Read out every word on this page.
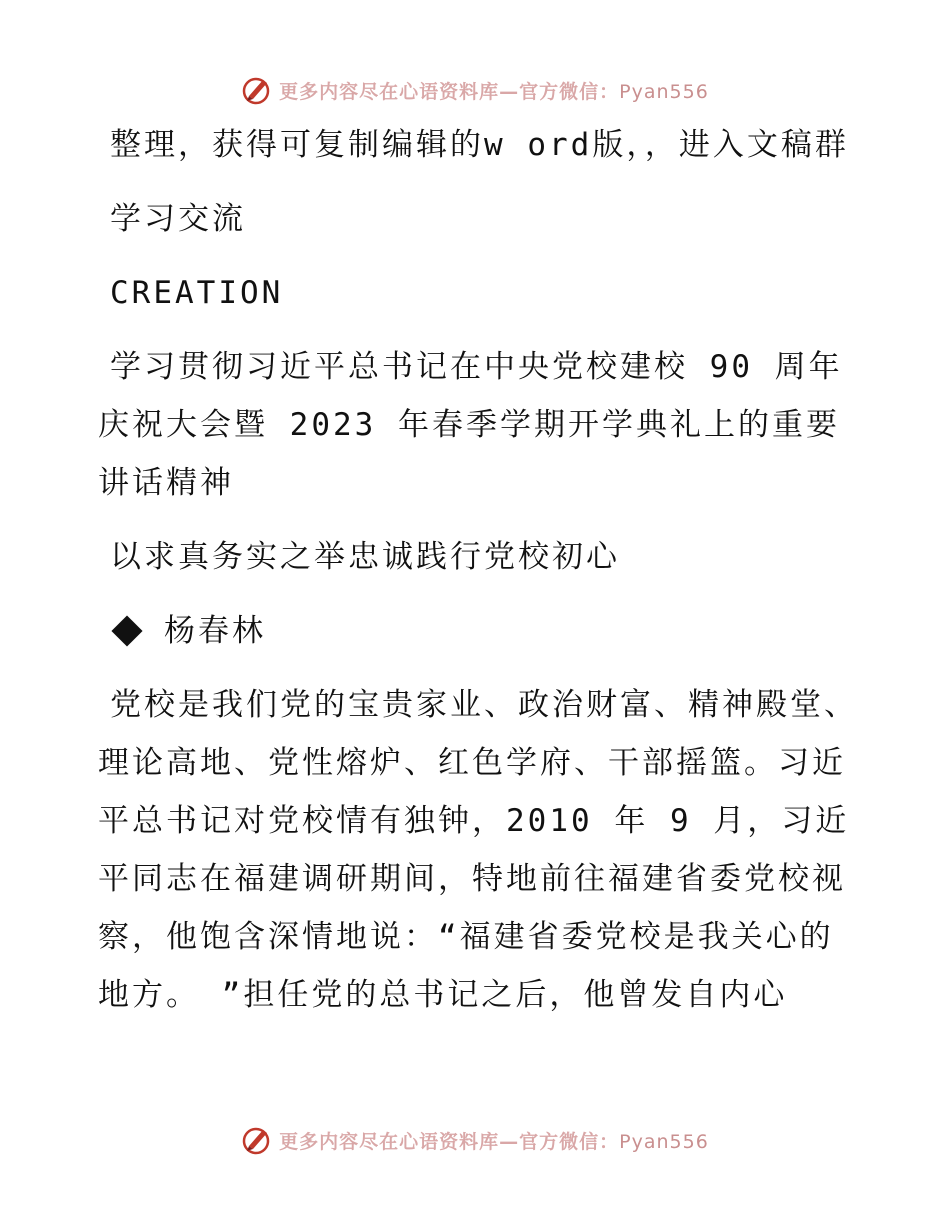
更多内容尽在心语资料库—官方微信：Pyan556

整理，获得可复制编辑的w ord版，，进入文稿群

学习交流

CREATION

学习贯彻习近平总书记在中央党校建校 90 周年庆祝大会暨 2023 年春季学期开学典礼上的重要讲话精神

以求真务实之举忠诚践行党校初心

杨春林

党校是我们党的宝贵家业、政治财富、精神殿堂、理论高地、党性熔炉、红色学府、干部摇篮。习近平总书记对党校情有独钟，2010 年 9 月，习近平同志在福建调研期间，特地前往福建省委党校视察，他饱含深情地说：“福建省委党校是我关心的地方。 ”担任党的总书记之后，他曾发自内心

更多内容尽在心语资料库—官方微信：Pyan556
